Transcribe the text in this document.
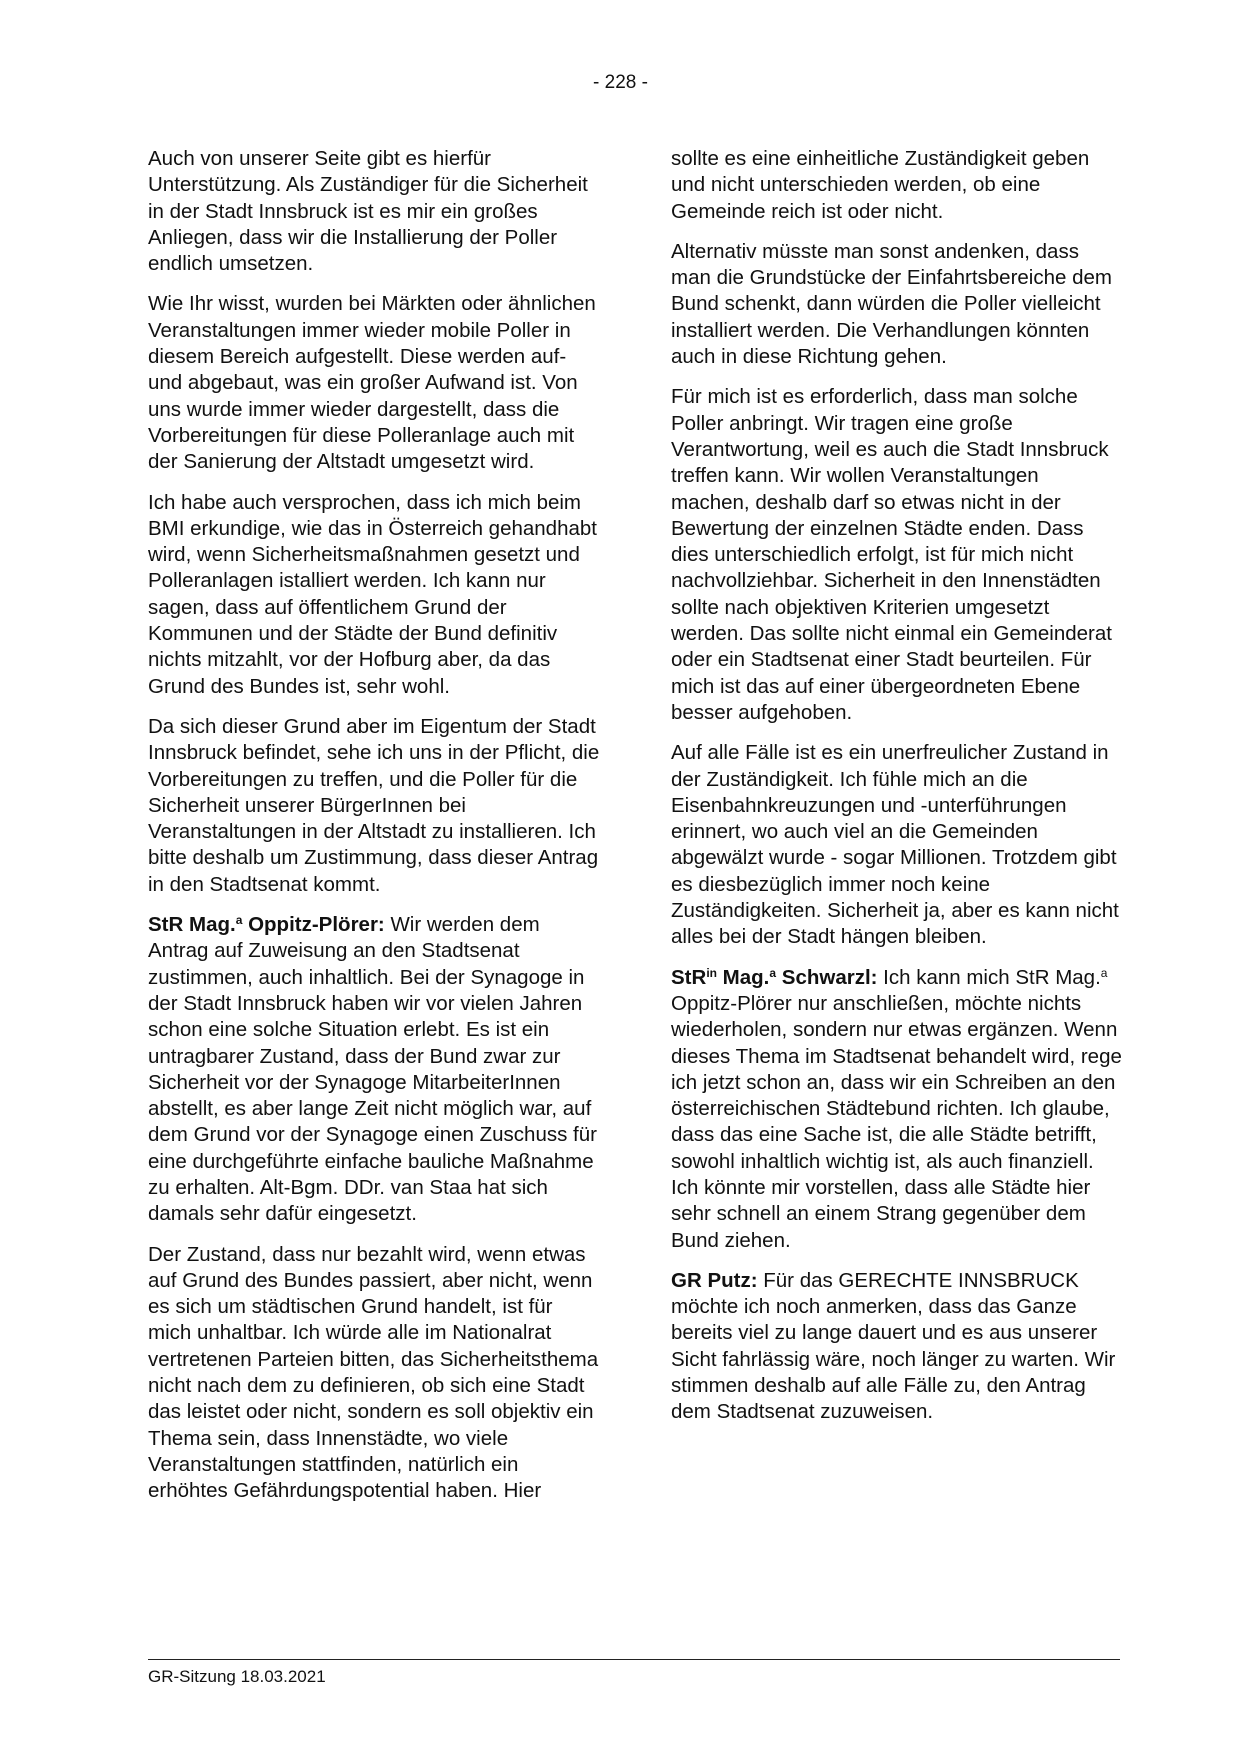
- 228 -

Auch von unserer Seite gibt es hierfür Unterstützung. Als Zuständiger für die Sicherheit in der Stadt Innsbruck ist es mir ein großes Anliegen, dass wir die Installierung der Poller endlich umsetzen.

Wie Ihr wisst, wurden bei Märkten oder ähnlichen Veranstaltungen immer wieder mobile Poller in diesem Bereich aufgestellt. Diese werden auf- und abgebaut, was ein großer Aufwand ist. Von uns wurde immer wieder dargestellt, dass die Vorbereitungen für diese Polleranlage auch mit der Sanierung der Altstadt umgesetzt wird.

Ich habe auch versprochen, dass ich mich beim BMI erkundige, wie das in Österreich gehandhabt wird, wenn Sicherheitsmaßnahmen gesetzt und Polleranlagen istalliert werden. Ich kann nur sagen, dass auf öffentlichem Grund der Kommunen und der Städte der Bund definitiv nichts mitzahlt, vor der Hofburg aber, da das Grund des Bundes ist, sehr wohl.

Da sich dieser Grund aber im Eigentum der Stadt Innsbruck befindet, sehe ich uns in der Pflicht, die Vorbereitungen zu treffen, und die Poller für die Sicherheit unserer BürgerInnen bei Veranstaltungen in der Altstadt zu installieren. Ich bitte deshalb um Zustimmung, dass dieser Antrag in den Stadtsenat kommt.

StR Mag.$^a$ Oppitz-Plörer: Wir werden dem Antrag auf Zuweisung an den Stadtsenat zustimmen, auch inhaltlich. Bei der Synagoge in der Stadt Innsbruck haben wir vor vielen Jahren schon eine solche Situation erlebt. Es ist ein untragbarer Zustand, dass der Bund zwar zur Sicherheit vor der Synagoge MitarbeiterInnen abstellt, es aber lange Zeit nicht möglich war, auf dem Grund vor der Synagoge einen Zuschuss für eine durchgeführte einfache bauliche Maßnahme zu erhalten. Alt-Bgm. DDr. van Staa hat sich damals sehr dafür eingesetzt.

Der Zustand, dass nur bezahlt wird, wenn etwas auf Grund des Bundes passiert, aber nicht, wenn es sich um städtischen Grund handelt, ist für mich unhaltbar. Ich würde alle im Nationalrat vertretenen Parteien bitten, das Sicherheitsthema nicht nach dem zu definieren, ob sich eine Stadt das leistet oder nicht, sondern es soll objektiv ein Thema sein, dass Innenstädte, wo viele Veranstaltungen stattfinden, natürlich ein erhöhtes Gefährdungspotential haben. Hier

sollte es eine einheitliche Zuständigkeit geben und nicht unterschieden werden, ob eine Gemeinde reich ist oder nicht.

Alternativ müsste man sonst andenken, dass man die Grundstücke der Einfahrtsbereiche dem Bund schenkt, dann würden die Poller vielleicht installiert werden. Die Verhandlungen könnten auch in diese Richtung gehen.

Für mich ist es erforderlich, dass man solche Poller anbringt. Wir tragen eine große Verantwortung, weil es auch die Stadt Innsbruck treffen kann. Wir wollen Veranstaltungen machen, deshalb darf so etwas nicht in der Bewertung der einzelnen Städte enden. Dass dies unterschiedlich erfolgt, ist für mich nicht nachvollziehbar. Sicherheit in den Innenstädten sollte nach objektiven Kriterien umgesetzt werden. Das sollte nicht einmal ein Gemeinderat oder ein Stadtsenat einer Stadt beurteilen. Für mich ist das auf einer übergeordneten Ebene besser aufgehoben.

Auf alle Fälle ist es ein unerfreulicher Zustand in der Zuständigkeit. Ich fühle mich an die Eisenbahnkreuzungen und -unterführungen erinnert, wo auch viel an die Gemeinden abgewälzt wurde - sogar Millionen. Trotzdem gibt es diesbezüglich immer noch keine Zuständigkeiten. Sicherheit ja, aber es kann nicht alles bei der Stadt hängen bleiben.

StR$^{in}$ Mag.$^a$ Schwarzl: Ich kann mich StR Mag.$^a$ Oppitz-Plörer nur anschließen, möchte nichts wiederholen, sondern nur etwas ergänzen. Wenn dieses Thema im Stadtsenat behandelt wird, rege ich jetzt schon an, dass wir ein Schreiben an den österreichischen Städtebund richten. Ich glaube, dass das eine Sache ist, die alle Städte betrifft, sowohl inhaltlich wichtig ist, als auch finanziell. Ich könnte mir vorstellen, dass alle Städte hier sehr schnell an einem Strang gegenüber dem Bund ziehen.

GR Putz: Für das GERECHTE INNSBRUCK möchte ich noch anmerken, dass das Ganze bereits viel zu lange dauert und es aus unserer Sicht fahrlässig wäre, noch länger zu warten. Wir stimmen deshalb auf alle Fälle zu, den Antrag dem Stadtsenat zuzuweisen.

GR-Sitzung 18.03.2021
